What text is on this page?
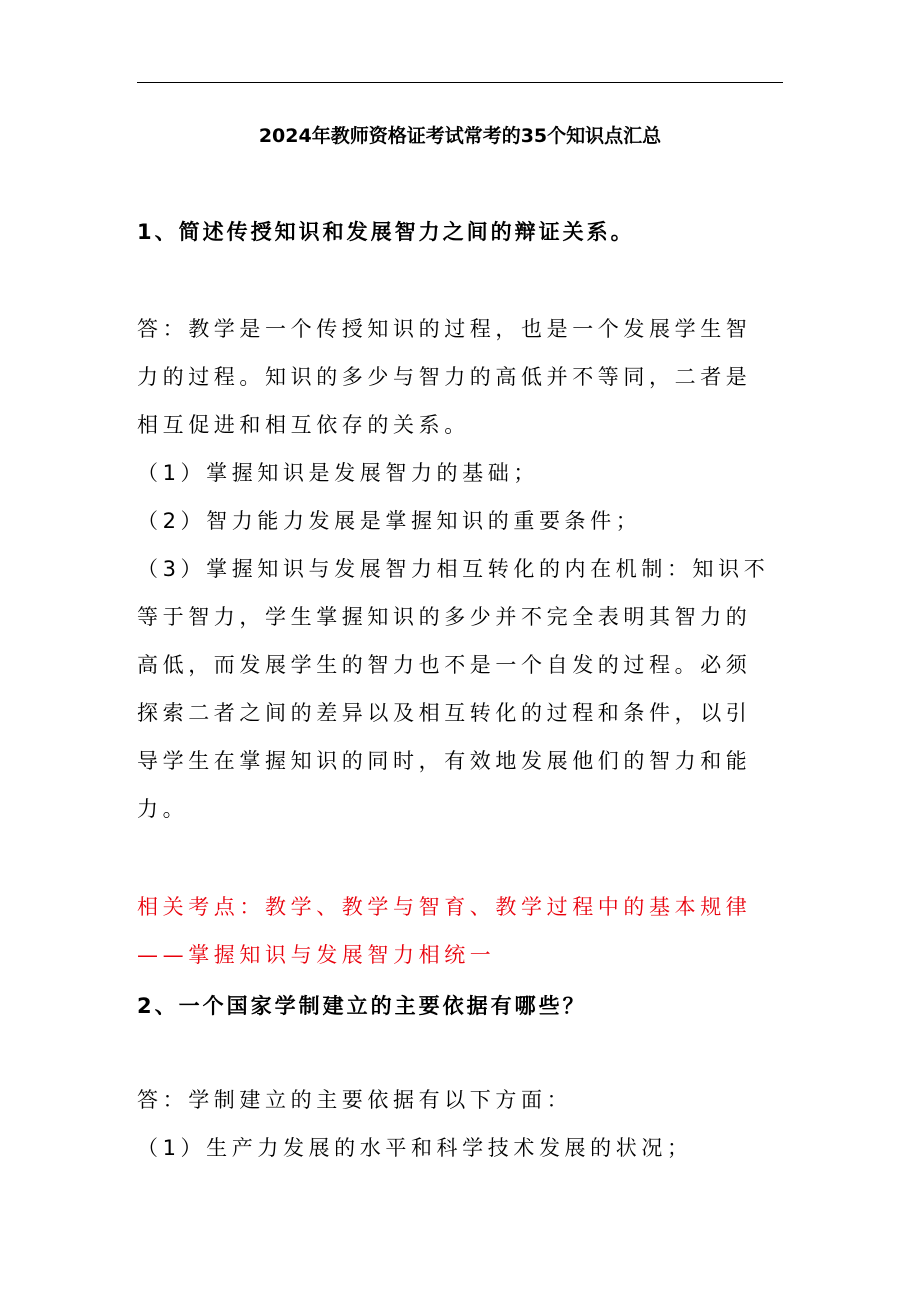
2024年教师资格证考试常考的35个知识点汇总
1、简述传授知识和发展智力之间的辩证关系。
答：教学是一个传授知识的过程，也是一个发展学生智
力的过程。知识的多少与智力的高低并不等同，二者是
相互促进和相互依存的关系。
（1）掌握知识是发展智力的基础；
（2）智力能力发展是掌握知识的重要条件；
（3）掌握知识与发展智力相互转化的内在机制：知识不
等于智力，学生掌握知识的多少并不完全表明其智力的
高低，而发展学生的智力也不是一个自发的过程。必须
探索二者之间的差异以及相互转化的过程和条件，以引
导学生在掌握知识的同时，有效地发展他们的智力和能
力。
相关考点：教学、教学与智育、教学过程中的基本规律
——掌握知识与发展智力相统一
2、一个国家学制建立的主要依据有哪些？
答：学制建立的主要依据有以下方面：
（1）生产力发展的水平和科学技术发展的状况；
